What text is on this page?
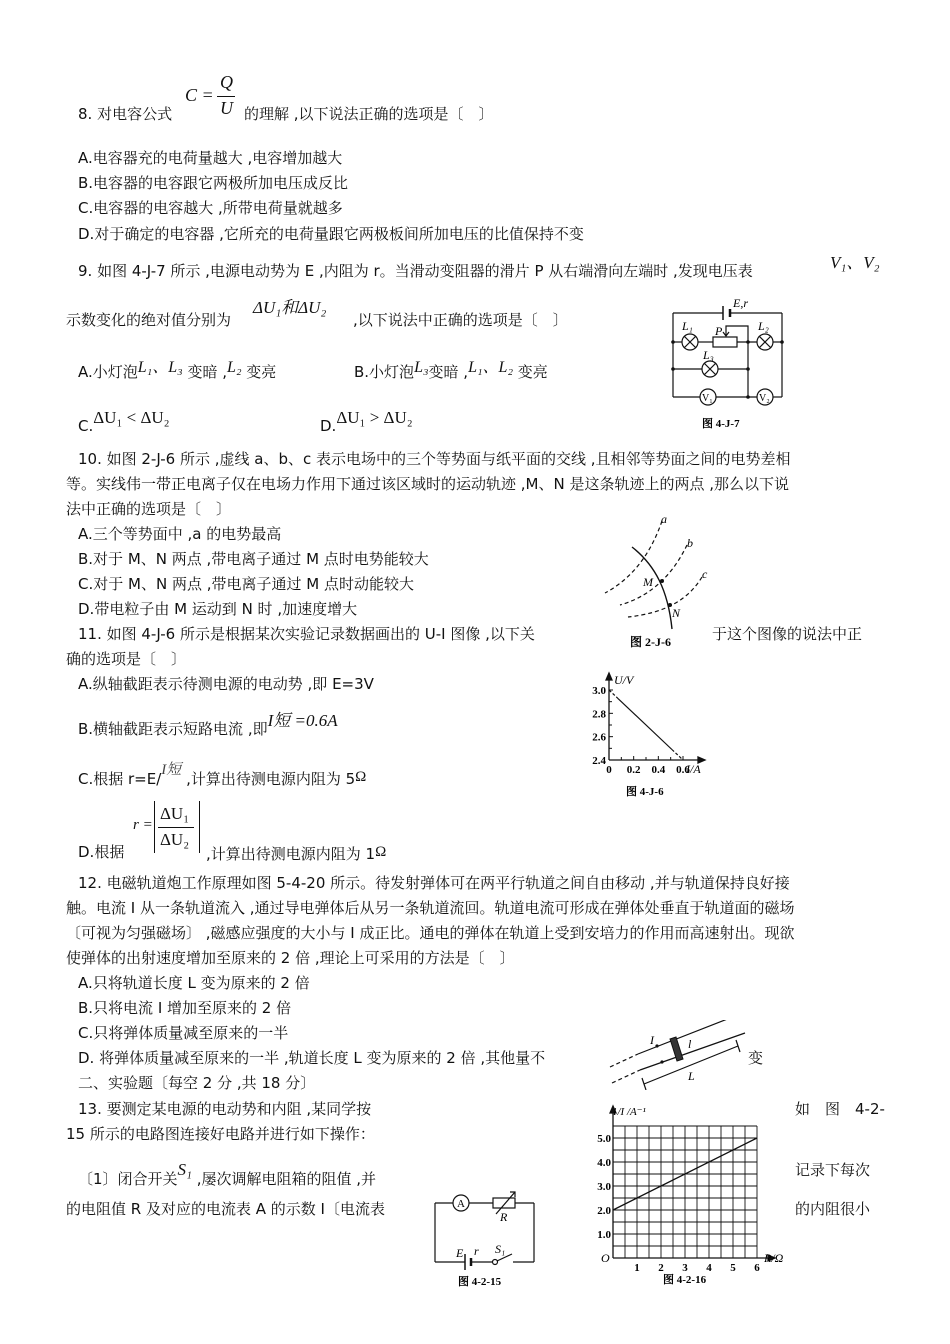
8. 对电容公式
C =
Q
U 的理解 ,以下说法正确的选项是〔　〕
A.电容器充的电荷量越大 ,电容增加越大
B.电容器的电容跟它两极所加电压成反比
C.电容器的电容越大 ,所带电荷量就越多
D.对于确定的电容器 ,它所充的电荷量跟它两极板间所加电压的比值保持不变
9. 如图 4-J-7 所示 ,电源电动势为 E ,内阻为 r。当滑动变阻器的滑片 P 从右端滑向左端时 ,发现电压表	V₁、V₂
示数变化的绝对值分别为
ΔU₁和ΔU₂
,以下说法中正确的选项是〔　〕
A.小灯泡L₁、L₃ 变暗 ,L₂ 变亮	B.小灯泡L₃变暗 ,L₁、L₂ 变亮
C.ΔU₁ < ΔU₂	D.ΔU₁ > ΔU₂
E,r
L₁	L₂
L₃
P
V₁	V₂
图 4-J-7
10. 如图 2-J-6 所示 ,虚线 a、b、c 表示电场中的三个等势面与纸平面的交线 ,且相邻等势面之间的电势差相
等。实线伟一带正电离子仅在电场力作用下通过该区域时的运动轨迹 ,M、N 是这条轨迹上的两点 ,那么以下说
法中正确的选项是〔　〕
A.三个等势面中 ,a 的电势最高
B.对于 M、N 两点 ,带电离子通过 M 点时电势能较大
C.对于 M、N 两点 ,带电离子通过 M 点时动能较大
D.带电粒子由 M 运动到 N 时 ,加速度增大
a
b
c
M
N
图 2-J-6
11. 如图 4-J-6 所示是根据某次实验记录数据画出的 U-I 图像 ,以下关	于这个图像的说法中正
确的选项是〔　〕
A.纵轴截距表示待测电源的电动势 ,即 E=3V
B.横轴截距表示短路电流 ,即I短 =0.6A
C.根据 r=E/I短 ,计算出待测电源内阻为 5Ω
D.根据
r =
ΔU₁
ΔU₂
,计算出待测电源内阻为 1Ω
2.4
2.6
2.8
3.0
0 0.2 0.4 0.6
U/V
I/A
图 4-J-6
12. 电磁轨道炮工作原理如图 5-4-20 所示。待发射弹体可在两平行轨道之间自由移动 ,并与轨道保持良好接
触。电流 I 从一条轨道流入 ,通过导电弹体后从另一条轨道流回。轨道电流可形成在弹体处垂直于轨道面的磁场
〔可视为匀强磁场〕 ,磁感应强度的大小与 I 成正比。通电的弹体在轨道上受到安培力的作用而高速射出。现欲
使弹体的出射速度增加至原来的 2 倍 ,理论上可采用的方法是〔　〕
A.只将轨道长度 L 变为原来的 2 倍
B.只将电流 I 增加至原来的 2 倍
C.只将弹体质量减至原来的一半
D. 将弹体质量减至原来的一半 ,轨道长度 L 变为原来的 2 倍 ,其他量不	变
I	l
L
二、实验题〔每空 2 分 ,共 18 分〕
13. 要测定某电源的电动势和内阻 ,某同学按	如　图　4-2-
15 所示的电路图连接好电路并进行如下操作：
〔1〕闭合开关S₁ ,屡次调解电阻箱的阻值 ,并	记录下每次
的电阻值 R 及对应的电流表 A 的示数 I〔电流表	的内阻很小
A
R
E r S₁
图 4-2-15
1.0
2.0
3.0
4.0
5.0
1 2 3 4 5 6
1/I /A⁻¹
O	R/Ω
图 4-2-16
